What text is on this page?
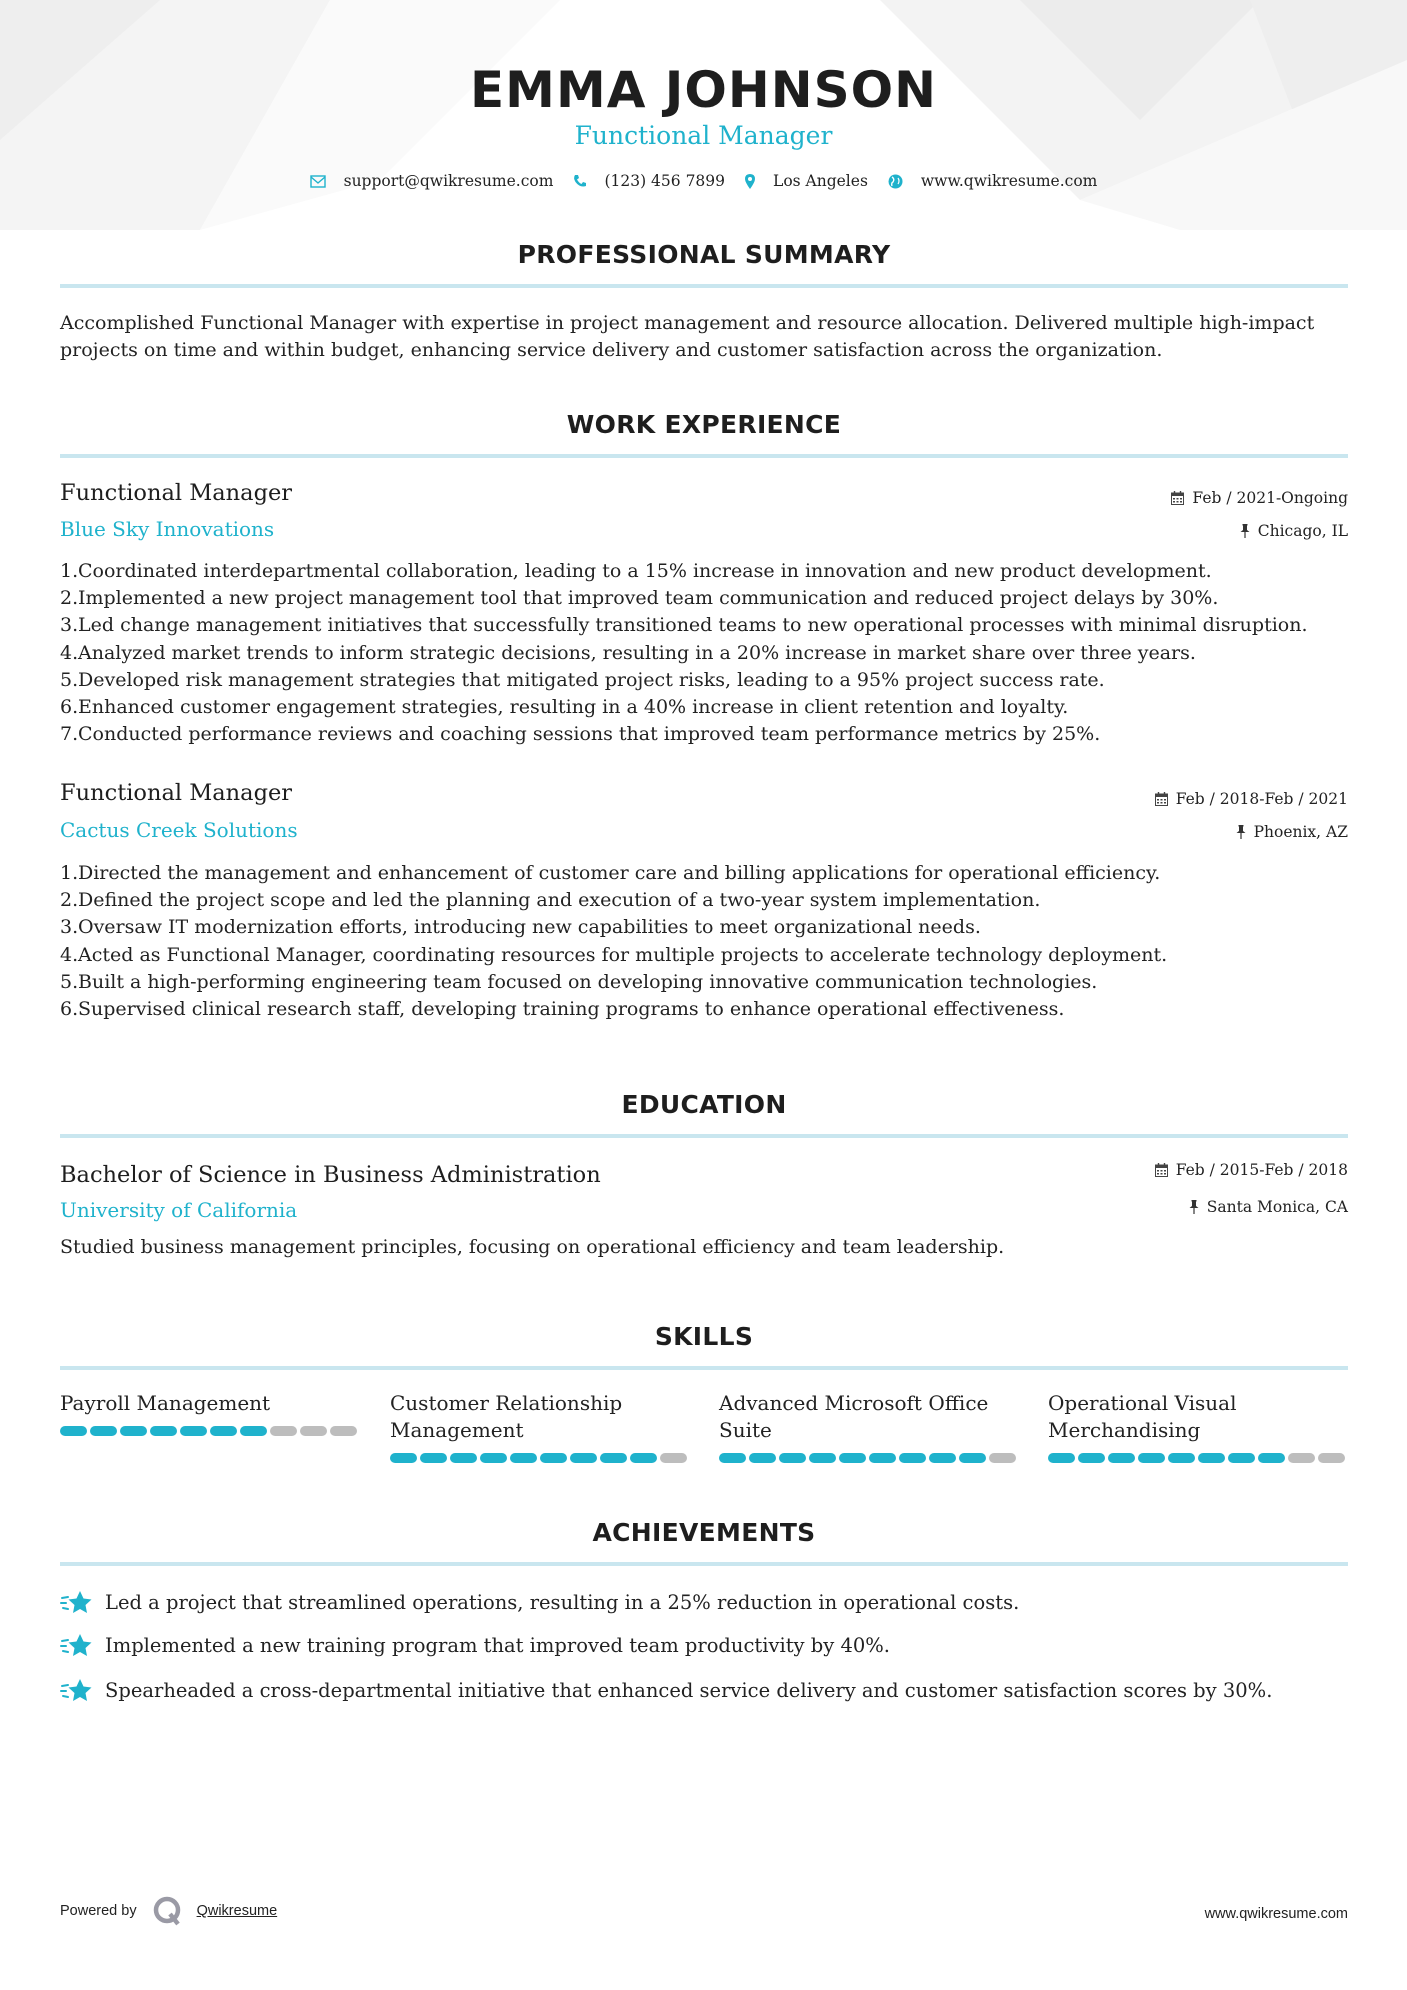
EMMA JOHNSON
Functional Manager
support@qwikresume.com	(123) 456 7899	Los Angeles	www.qwikresume.com
PROFESSIONAL SUMMARY
Accomplished Functional Manager with expertise in project management and resource allocation. Delivered multiple high-impact projects on time and within budget, enhancing service delivery and customer satisfaction across the organization.
WORK EXPERIENCE
Functional Manager	Feb / 2021-Ongoing
Blue Sky Innovations	Chicago, IL
1. Coordinated interdepartmental collaboration, leading to a 15% increase in innovation and new product development.
2. Implemented a new project management tool that improved team communication and reduced project delays by 30%.
3. Led change management initiatives that successfully transitioned teams to new operational processes with minimal disruption.
4. Analyzed market trends to inform strategic decisions, resulting in a 20% increase in market share over three years.
5. Developed risk management strategies that mitigated project risks, leading to a 95% project success rate.
6. Enhanced customer engagement strategies, resulting in a 40% increase in client retention and loyalty.
7. Conducted performance reviews and coaching sessions that improved team performance metrics by 25%.
Functional Manager	Feb / 2018-Feb / 2021
Cactus Creek Solutions	Phoenix, AZ
1. Directed the management and enhancement of customer care and billing applications for operational efficiency.
2. Defined the project scope and led the planning and execution of a two-year system implementation.
3. Oversaw IT modernization efforts, introducing new capabilities to meet organizational needs.
4. Acted as Functional Manager, coordinating resources for multiple projects to accelerate technology deployment.
5. Built a high-performing engineering team focused on developing innovative communication technologies.
6. Supervised clinical research staff, developing training programs to enhance operational effectiveness.
EDUCATION
Bachelor of Science in Business Administration	Feb / 2015-Feb / 2018
University of California	Santa Monica, CA
Studied business management principles, focusing on operational efficiency and team leadership.
SKILLS
Payroll Management	Customer Relationship Management
Advanced Microsoft Office Suite
Operational Visual Merchandising
ACHIEVEMENTS
Led a project that streamlined operations, resulting in a 25% reduction in operational costs.
Implemented a new training program that improved team productivity by 40%.
Spearheaded a cross-departmental initiative that enhanced service delivery and customer satisfaction scores by 30%.
Powered by	Qwikresume	www.qwikresume.com
